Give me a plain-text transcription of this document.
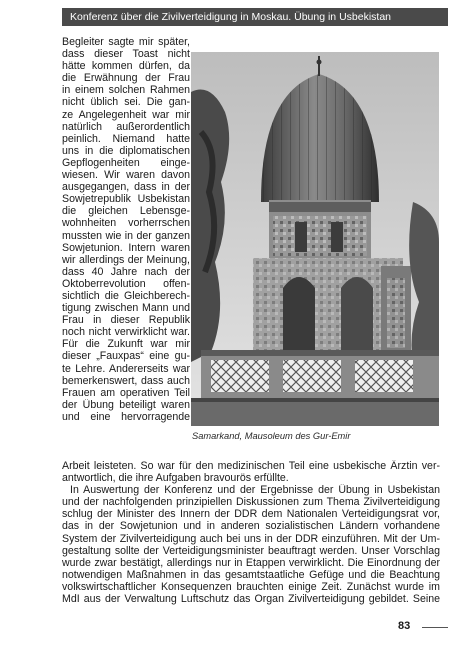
Konferenz über die Zivilverteidigung in Moskau. Übung in Usbekistan
Begleiter sagte mir später,
dass dieser Toast nicht
hätte kommen dürfen, da
die Erwähnung der Frau
in einem solchen Rahmen
nicht üblich sei. Die gan-
ze Angelegenheit war mir
natürlich außerordentlich
peinlich. Niemand hatte
uns in die diplomatischen
Gepflogenheiten einge-
wiesen. Wir waren davon
ausgegangen, dass in der
Sowjetrepublik Usbekistan
die gleichen Lebensge-
wohnheiten vorherrschen
mussten wie in der ganzen
Sowjetunion. Intern waren
wir allerdings der Meinung,
dass 40 Jahre nach der
Oktoberrevolution offen-
sichtlich die Gleichberech-
tigung zwischen Mann und
Frau in dieser Republik
noch nicht verwirklicht war.
Für die Zukunft war mir
dieser „Fauxpas“ eine gu-
te Lehre. Andererseits war
bemerkenswert, dass auch
Frauen am operativen Teil
der Übung beteiligt waren
und eine hervorragende
Samarkand, Mausoleum des Gur-Emir
Arbeit leisteten. So war für den medizinischen Teil eine usbekische Ärztin ver-
antwortlich, die ihre Aufgaben bravourös erfüllte.
In Auswertung der Konferenz und der Ergebnisse der Übung in Usbekistan
und der nachfolgenden prinzipiellen Diskussionen zum Thema Zivilverteidigung
schlug der Minister des Innern der DDR dem Nationalen Verteidigungsrat vor,
das in der Sowjetunion und in anderen sozialistischen Ländern vorhandene
System der Zivilverteidigung auch bei uns in der DDR einzuführen. Mit der Um-
gestaltung sollte der Verteidigungsminister beauftragt werden. Unser Vorschlag
wurde zwar bestätigt, allerdings nur in Etappen verwirklicht. Die Einordnung der
notwendigen Maßnahmen in das gesamtstaatliche Gefüge und die Beachtung
volkswirtschaftlicher Konsequenzen brauchten einige Zeit. Zunächst wurde im
MdI aus der Verwaltung Luftschutz das Organ Zivilverteidigung gebildet. Seine
83
